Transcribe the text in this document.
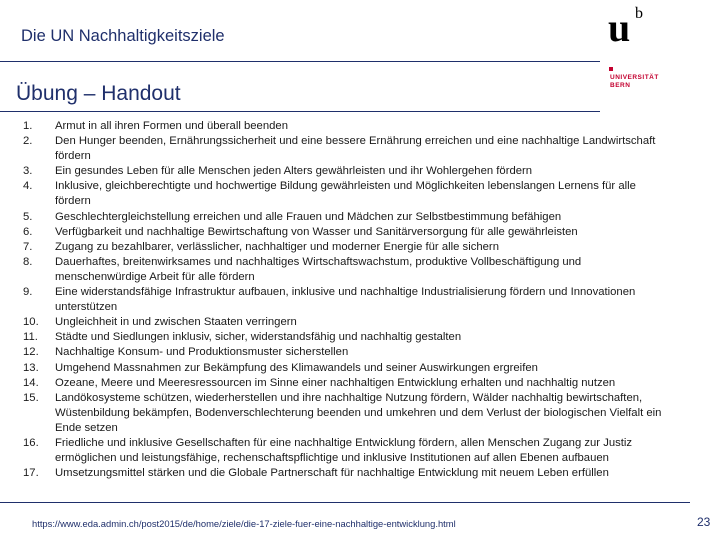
Die UN Nachhaltigkeitsziele	u b
UNIVERSITÄT
BERN
Übung – Handout
1.	Armut in all ihren Formen und überall beenden
2.	Den Hunger beenden, Ernährungssicherheit und eine bessere Ernährung erreichen und eine nachhaltige Landwirtschaft fördern
3.	Ein gesundes Leben für alle Menschen jeden Alters gewährleisten und ihr Wohlergehen fördern
4.	Inklusive, gleichberechtigte und hochwertige Bildung gewährleisten und Möglichkeiten lebenslangen Lernens für alle fördern
5.	Geschlechtergleichstellung erreichen und alle Frauen und Mädchen zur Selbstbestimmung befähigen
6.	Verfügbarkeit und nachhaltige Bewirtschaftung von Wasser und Sanitärversorgung für alle gewährleisten
7.	Zugang zu bezahlbarer, verlässlicher, nachhaltiger und moderner Energie für alle sichern
8.	Dauerhaftes, breitenwirksames und nachhaltiges Wirtschaftswachstum, produktive Vollbeschäftigung und menschenwürdige Arbeit für alle fördern
9.	Eine widerstandsfähige Infrastruktur aufbauen, inklusive und nachhaltige Industrialisierung fördern und Innovationen unterstützen
10.	Ungleichheit in und zwischen Staaten verringern
11.	Städte und Siedlungen inklusiv, sicher, widerstandsfähig und nachhaltig gestalten
12.	Nachhaltige Konsum- und Produktionsmuster sicherstellen
13.	Umgehend Massnahmen zur Bekämpfung des Klimawandels und seiner Auswirkungen ergreifen
14.	Ozeane, Meere und Meeresressourcen im Sinne einer nachhaltigen Entwicklung erhalten und nachhaltig nutzen
15.	Landökosysteme schützen, wiederherstellen und ihre nachhaltige Nutzung fördern, Wälder nachhaltig bewirtschaften, Wüstenbildung bekämpfen, Bodenverschlechterung beenden und umkehren und dem Verlust der biologischen Vielfalt ein Ende setzen
16.	Friedliche und inklusive Gesellschaften für eine nachhaltige Entwicklung fördern, allen Menschen Zugang zur Justiz ermöglichen und leistungsfähige, rechenschaftspflichtige und inklusive Institutionen auf allen Ebenen aufbauen
17.	Umsetzungsmittel stärken und die Globale Partnerschaft für nachhaltige Entwicklung mit neuem Leben erfüllen
https://www.eda.admin.ch/post2015/de/home/ziele/die-17-ziele-fuer-eine-nachhaltige-entwicklung.html	23
